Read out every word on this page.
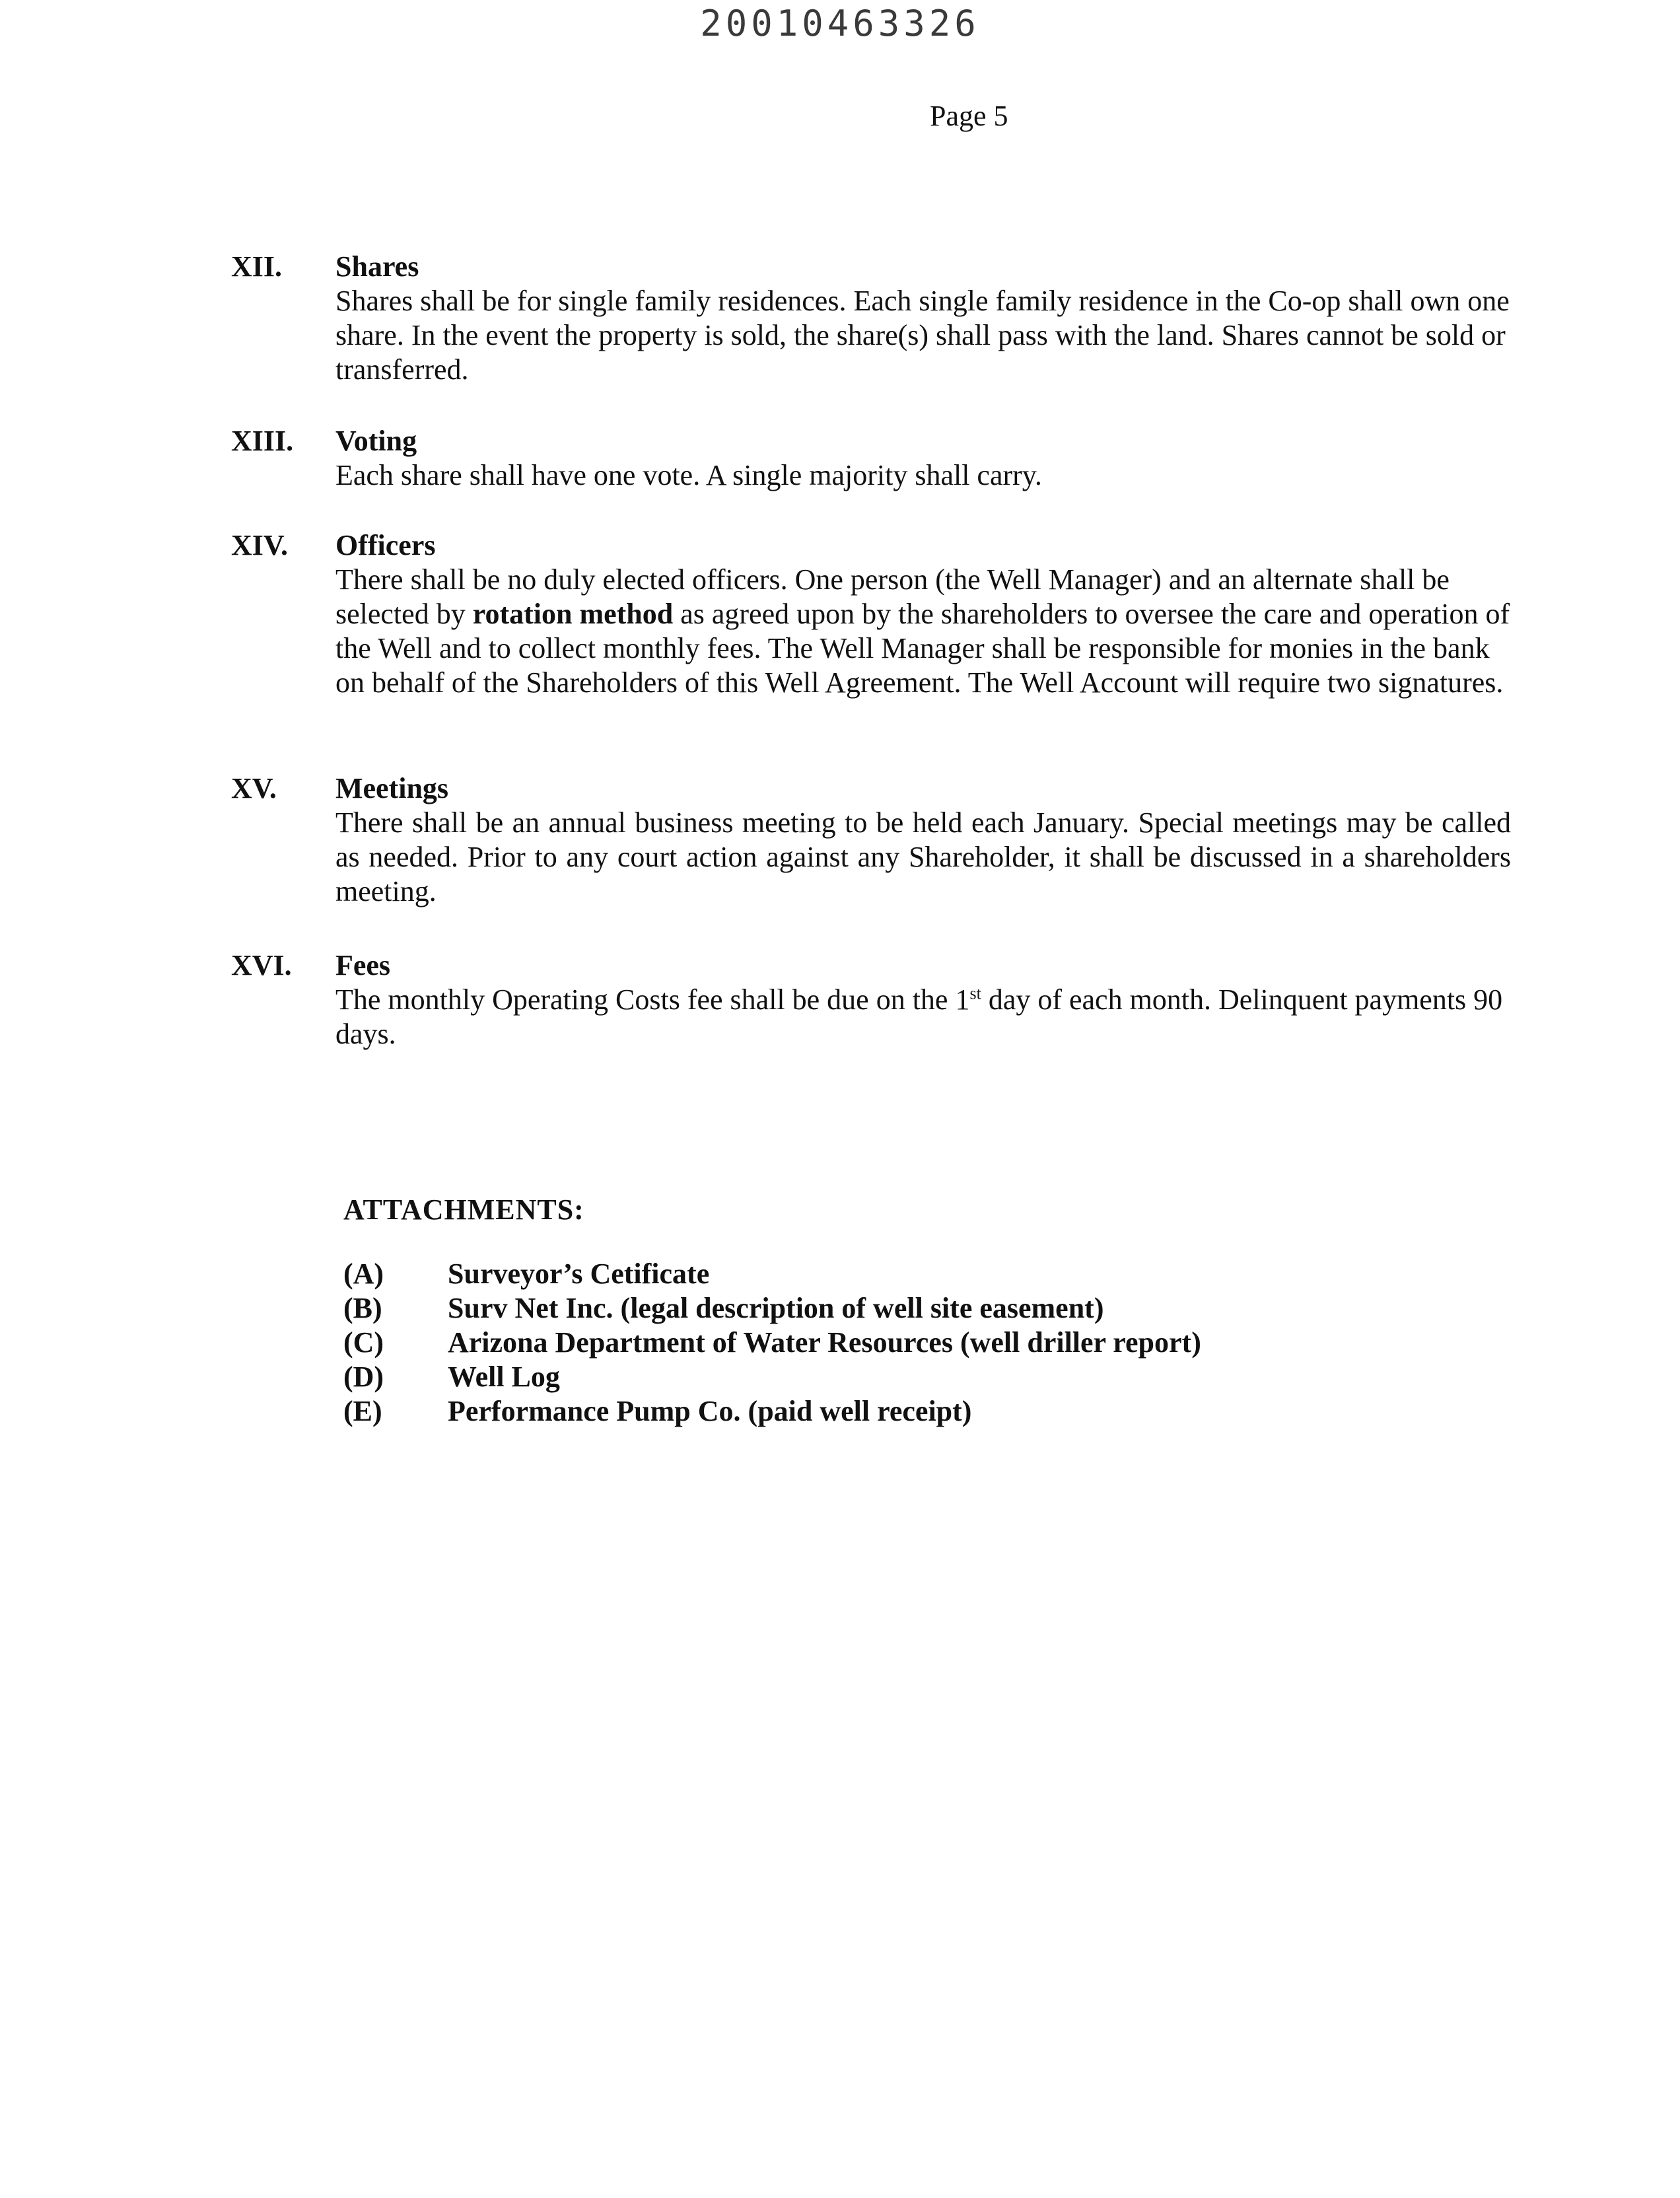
20010463326
Page 5
XII. Shares
Shares shall be for single family residences. Each single family residence in the Co-op shall own one share. In the event the property is sold, the share(s) shall pass with the land. Shares cannot be sold or transferred.
XIII. Voting
Each share shall have one vote. A single majority shall carry.
XIV. Officers
There shall be no duly elected officers. One person (the Well Manager) and an alternate shall be selected by rotation method as agreed upon by the shareholders to oversee the care and operation of the Well and to collect monthly fees. The Well Manager shall be responsible for monies in the bank on behalf of the Shareholders of this Well Agreement. The Well Account will require two signatures.
XV. Meetings
There shall be an annual business meeting to be held each January. Special meetings may be called as needed. Prior to any court action against any Shareholder, it shall be discussed in a shareholders meeting.
XVI. Fees
The monthly Operating Costs fee shall be due on the 1st day of each month. Delinquent payments 90 days.
ATTACHMENTS:
(A)	Surveyor’s Cetificate
(B)	Surv Net Inc. (legal description of well site easement)
(C)	Arizona Department of Water Resources (well driller report)
(D)	Well Log
(E)	Performance Pump Co. (paid well receipt)
